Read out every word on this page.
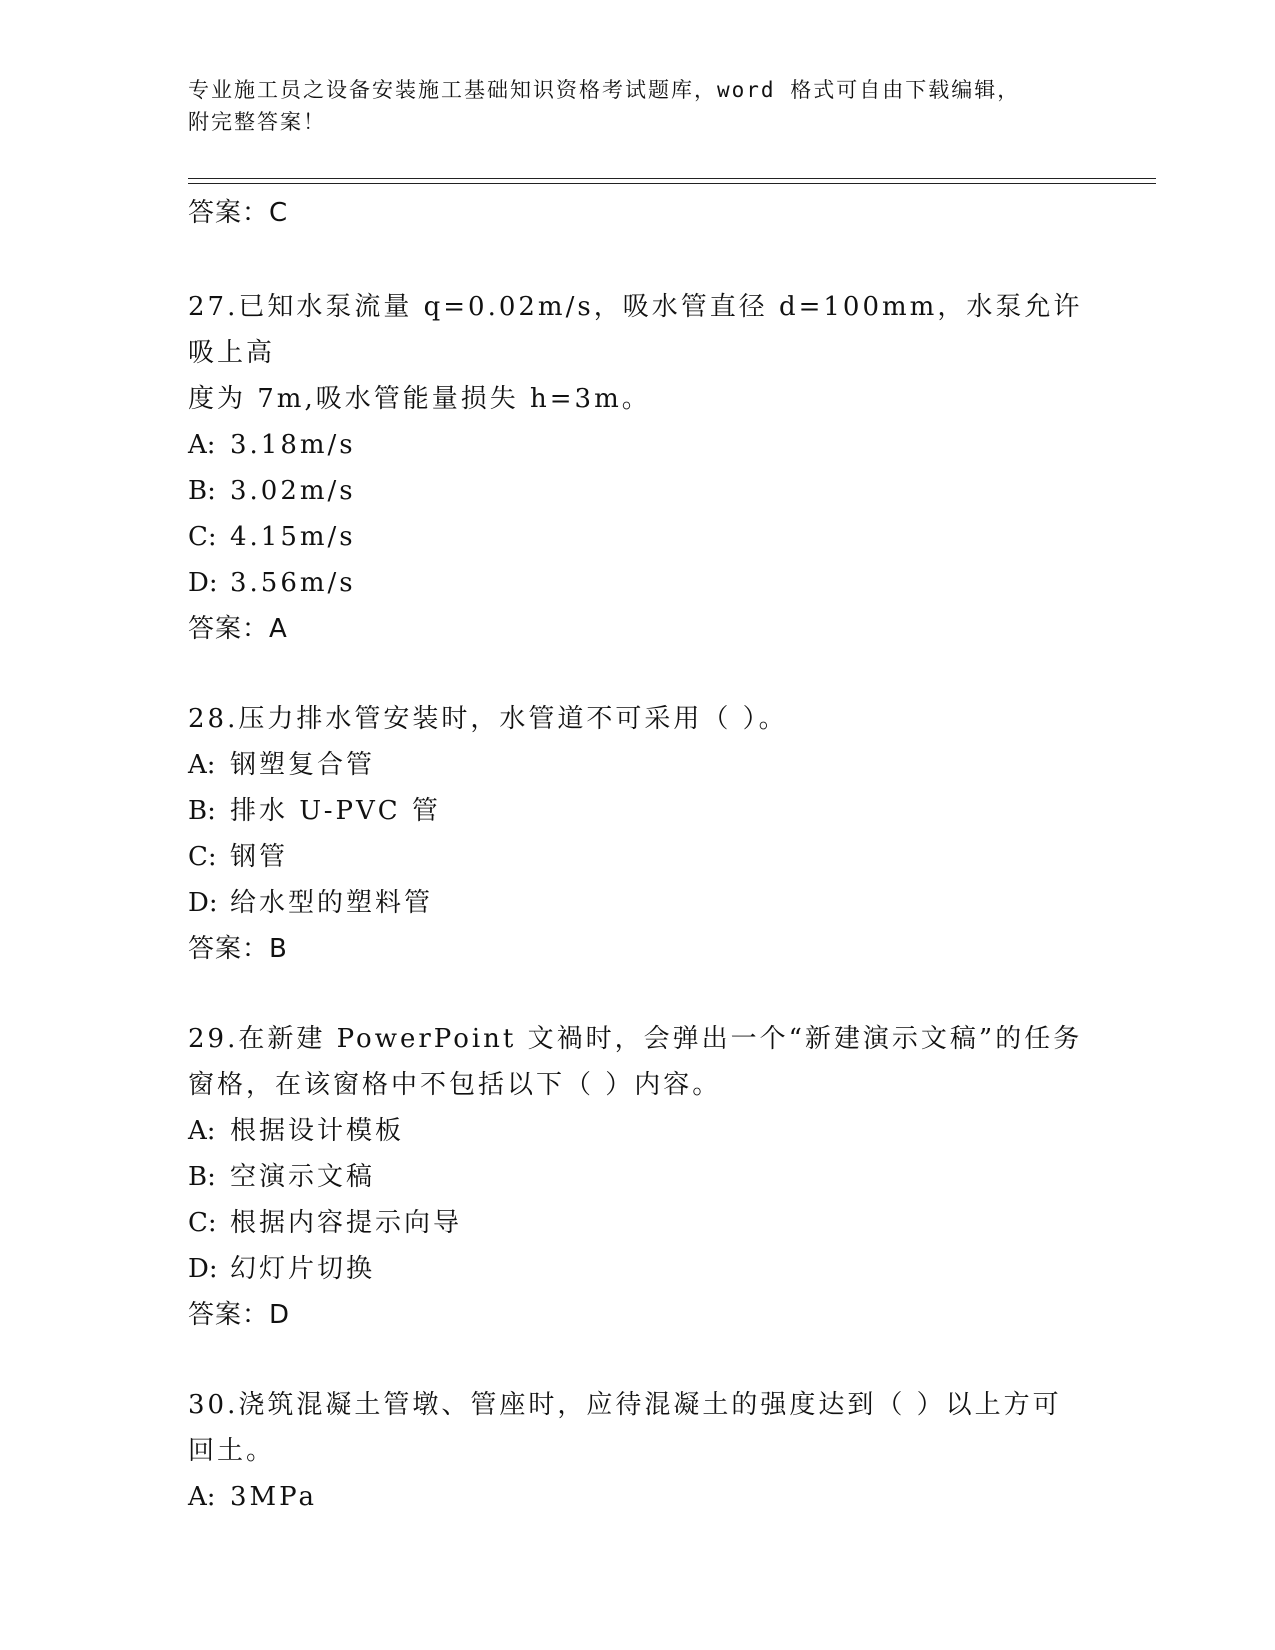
专业施工员之设备安装施工基础知识资格考试题库，word 格式可自由下载编辑，
附完整答案！
答案：C
27.已知水泵流量 q=0.02m/s，吸水管直径 d=100mm，水泵允许吸上高
度为 7m,吸水管能量损失 h=3m。
A: 3.18m/s
B: 3.02m/s
C: 4.15m/s
D: 3.56m/s
答案：A
28.压力排水管安装时，水管道不可采用（ ）。
A: 钢塑复合管
B: 排水 U-PVC 管
C: 钢管
D: 给水型的塑料管
答案：B
29.在新建 PowerPoint 文禍时，会弹出一个“新建演示文稿”的任务
窗格，在该窗格中不包括以下（ ）内容。
A: 根据设计模板
B: 空演示文稿
C: 根据内容提示向导
D: 幻灯片切换
答案：D
30.浇筑混凝土管墩、管座时，应待混凝土的强度达到（ ）以上方可
回土。
A: 3MPa
